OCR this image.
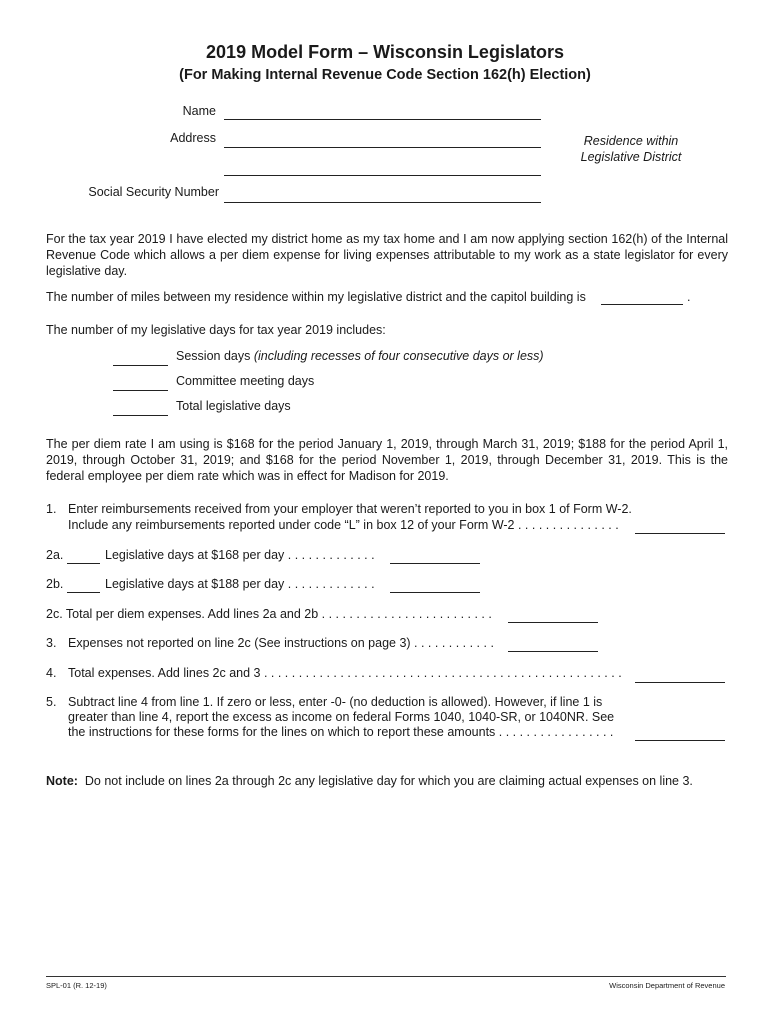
2019 Model Form – Wisconsin Legislators
(For Making Internal Revenue Code Section 162(h) Election)
Name
Address	Residence within
Legislative District
Social Security Number
For the tax year 2019 I have elected my district home as my tax home and I am now applying section 162(h) of the Internal Revenue Code which allows a per diem expense for living expenses attributable to my work as a state legislator for every legislative day.
The number of miles between my residence within my legislative district and the capitol building is	.
The number of my legislative days for tax year 2019 includes:
Session days (including recesses of four consecutive days or less)
Committee meeting days
Total legislative days
The per diem rate I am using is $168 for the period January 1, 2019, through March 31, 2019; $188 for the period April 1, 2019, through October 31, 2019; and $168 for the period November 1, 2019, through December 31, 2019. This is the federal employee per diem rate which was in effect for Madison for 2019.
1. Enter reimbursements received from your employer that weren’t reported to you in box 1 of Form W-2.
Include any reimbursements reported under code “L” in box 12 of your Form W-2 . . . . . . . . . . . . . . .
2a.	Legislative days at $168 per day . . . . . . . . . . . . .
2b.	Legislative days at $188 per day . . . . . . . . . . . . .
2c. Total per diem expenses. Add lines 2a and 2b . . . . . . . . . . . . . . . . . . . . . . . . .
3. Expenses not reported on line 2c (See instructions on page 3) . . . . . . . . . . . .
4. Total expenses. Add lines 2c and 3 . . . . . . . . . . . . . . . . . . . . . . . . . . . . . . . . . . . . . . . . . . . . . . . . . . . .
5. Subtract line 4 from line 1. If zero or less, enter -0- (no deduction is allowed). However, if line 1 is
greater than line 4, report the excess as income on federal Forms 1040, 1040-SR, or 1040NR. See
the instructions for these forms for the lines on which to report these amounts . . . . . . . . . . . . . . . . .
Note: Do not include on lines 2a through 2c any legislative day for which you are claiming actual expenses on line 3.
SPL-01 (R. 12-19)	Wisconsin Department of Revenue
